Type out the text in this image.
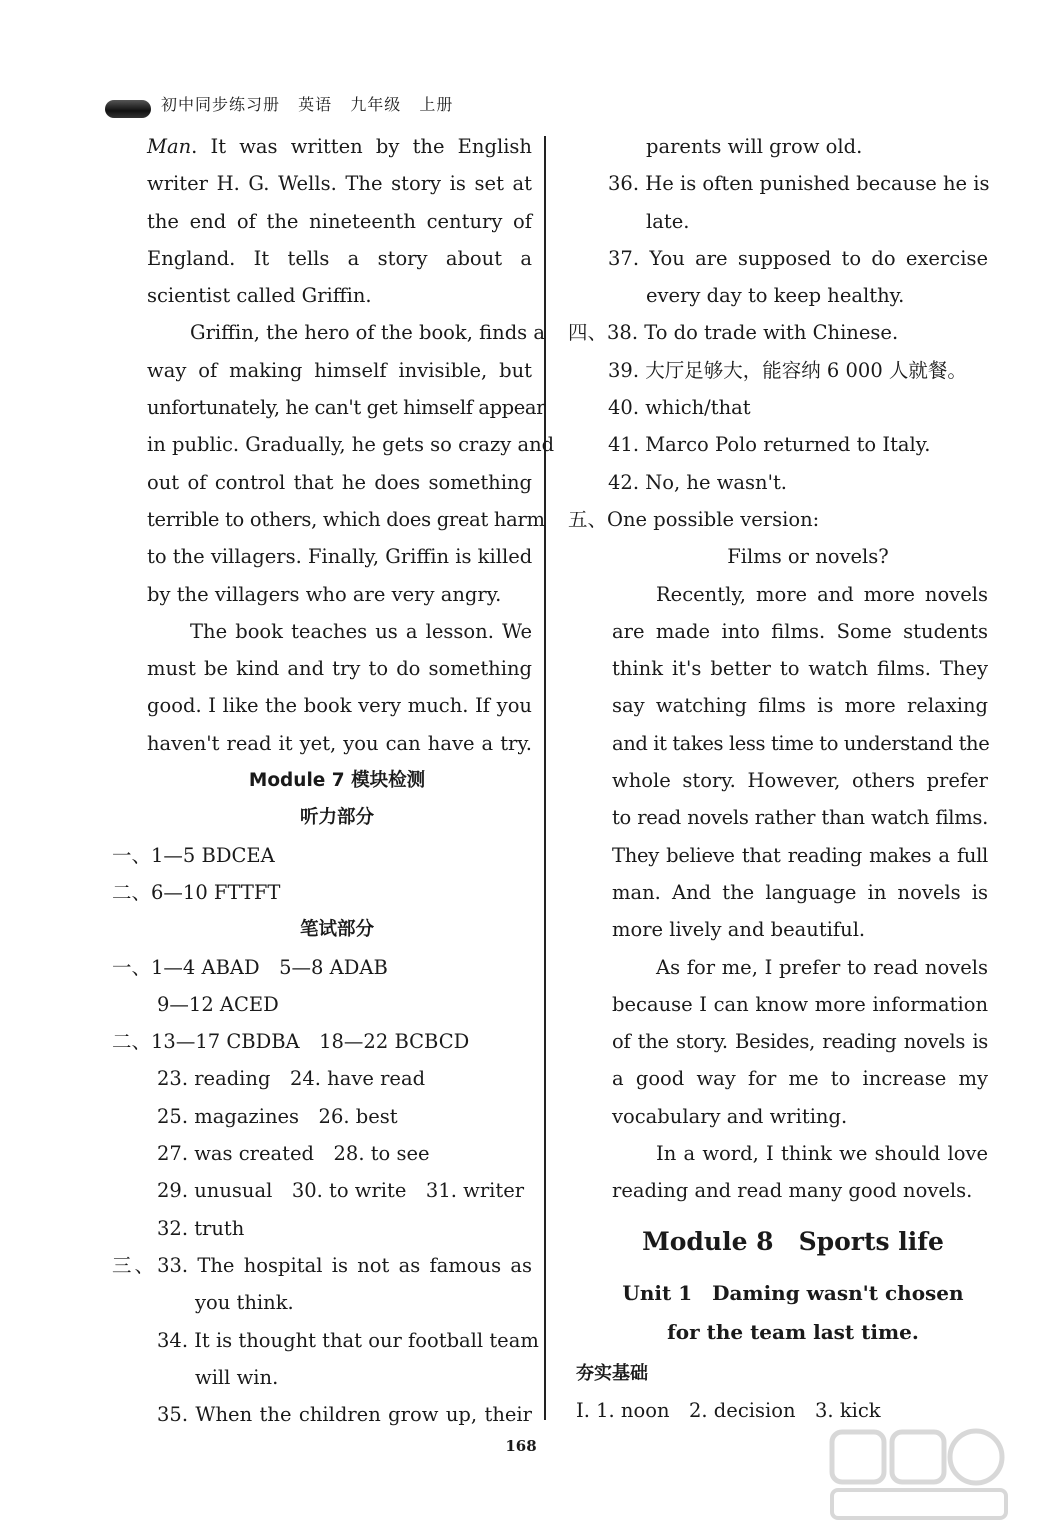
初中同步练习册 英语 九年级 上册
Man. It was written by the English
writer H. G. Wells. The story is set at
the end of the nineteenth century of
England. It tells a story about a
scientist called Griffin.
Griffin, the hero of the book, finds a
way of making himself invisible, but
unfortunately, he can't get himself appear
in public. Gradually, he gets so crazy and
out of control that he does something
terrible to others, which does great harm
to the villagers. Finally, Griffin is killed
by the villagers who are very angry.
The book teaches us a lesson. We
must be kind and try to do something
good. I like the book very much. If you
haven't read it yet, you can have a try.
Module 7 模块检测
听力部分
一、1—5 BDCEA
二、6—10 FTTFT
笔试部分
一、1—4 ABAD　5—8 ADAB
9—12 ACED
二、13—17 CBDBA　18—22 BCBCD
23. reading　24. have read
25. magazines　26. best
27. was created　28. to see
29. unusual　30. to write　31. writer
32. truth
三、33. The hospital is not as famous as
you think.
34. It is thought that our football team
will win.
35. When the children grow up, their
parents will grow old.
36. He is often punished because he is
late.
37. You are supposed to do exercise
every day to keep healthy.
四、38. To do trade with Chinese.
39. 大厅足够大，能容纳 6 000 人就餐。
40. which/that
41. Marco Polo returned to Italy.
42. No, he wasn't.
五、One possible version:
Films or novels?
Recently, more and more novels
are made into films. Some students
think it's better to watch films. They
say watching films is more relaxing
and it takes less time to understand the
whole story. However, others prefer
to read novels rather than watch films.
They believe that reading makes a full
man. And the language in novels is
more lively and beautiful.
As for me, I prefer to read novels
because I can know more information
of the story. Besides, reading novels is
a good way for me to increase my
vocabulary and writing.
In a word, I think we should love
reading and read many good novels.
Module 8　Sports life
Unit 1　Daming wasn't chosen
for the team last time.
夯实基础
Ⅰ. 1. noon　2. decision　3. kick
168
